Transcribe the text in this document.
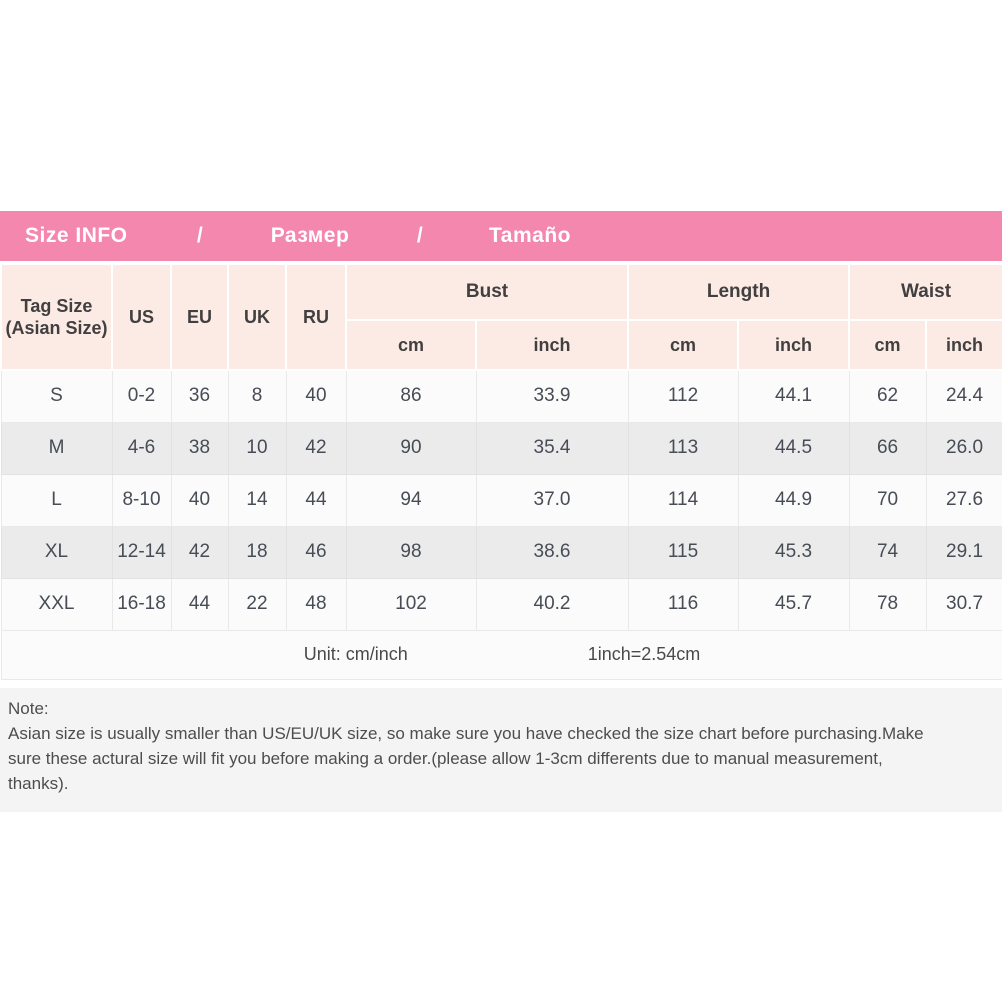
Size INFO	/	Размер	/	Tamaño
Tag Size
(Asian Size)	US	EU	UK	RU	Bust		Length		Waist	
					cm	inch	cm	inch	cm	inch
S	0-2	36	8	40	86	33.9	112	44.1	62	24.4
M	4-6	38	10	42	90	35.4	113	44.5	66	26.0
L	8-10	40	14	44	94	37.0	114	44.9	70	27.6
XL	12-14	42	18	46	98	38.6	115	45.3	74	29.1
XXL	16-18	44	22	48	102	40.2	116	45.7	78	30.7

Unit: cm/inch 1inch=2.54cm										
Note:
Asian size is usually smaller than US/EU/UK size, so make sure you have checked the size chart before purchasing.Make
sure these actural size will fit you before making a order.(please allow 1-3cm differents due to manual measurement,
thanks).
